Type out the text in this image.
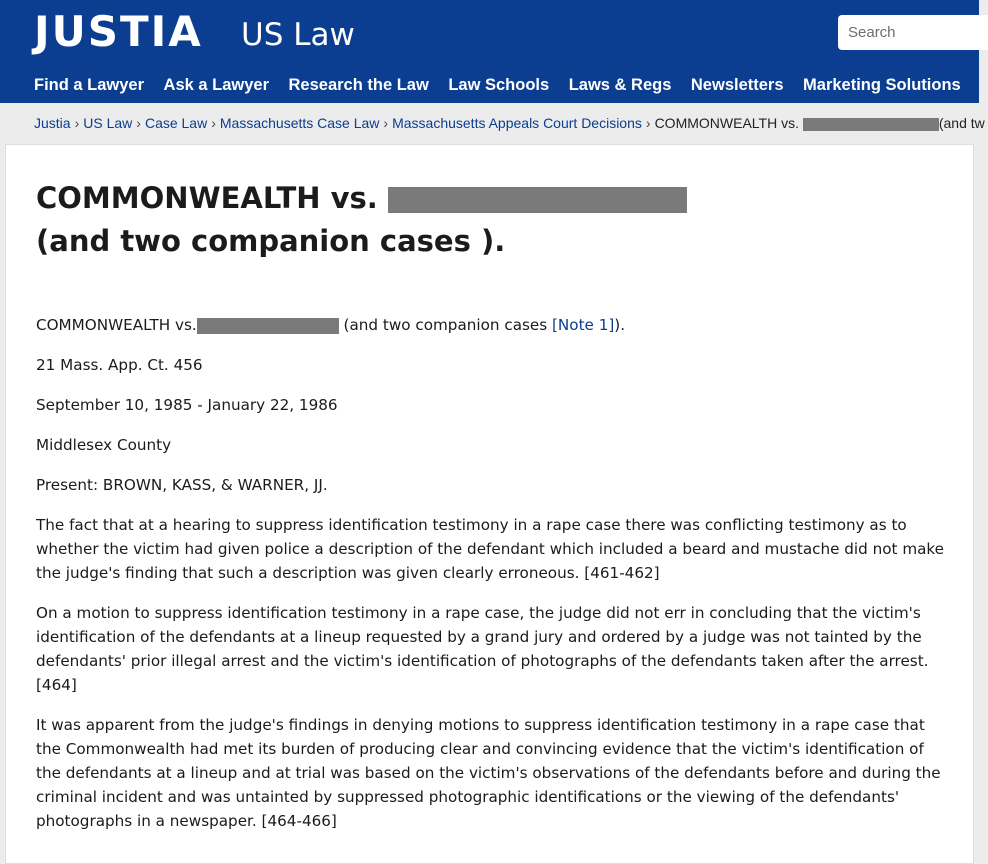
JUSTIA US Law
Search
Find a Lawyer Ask a Lawyer Research the Law Law Schools Laws & Regs Newsletters Marketing Solutions
Justia › US Law › Case Law › Massachusetts Case Law › Massachusetts Appeals Court Decisions › COMMONWEALTH vs.	(and tw
COMMONWEALTH vs.
(and two companion cases ).

COMMONWEALTH vs.	(and two companion cases [Note 1]).

21 Mass. App. Ct. 456

September 10, 1985 - January 22, 1986

Middlesex County

Present: BROWN, KASS, & WARNER, JJ.

The fact that at a hearing to suppress identification testimony in a rape case there was conflicting testimony as to whether the victim had given police a description of the defendant which included a beard and mustache did not make the judge's finding that such a description was given clearly erroneous. [461-462]

On a motion to suppress identification testimony in a rape case, the judge did not err in concluding that the victim's identification of the defendants at a lineup requested by a grand jury and ordered by a judge was not tainted by the defendants' prior illegal arrest and the victim's identification of photographs of the defendants taken after the arrest. [464]

It was apparent from the judge's findings in denying motions to suppress identification testimony in a rape case that the Commonwealth had met its burden of producing clear and convincing evidence that the victim's identification of the defendants at a lineup and at trial was based on the victim's observations of the defendants before and during the criminal incident and was untainted by suppressed photographic identifications or the viewing of the defendants' photographs in a newspaper. [464-466]
